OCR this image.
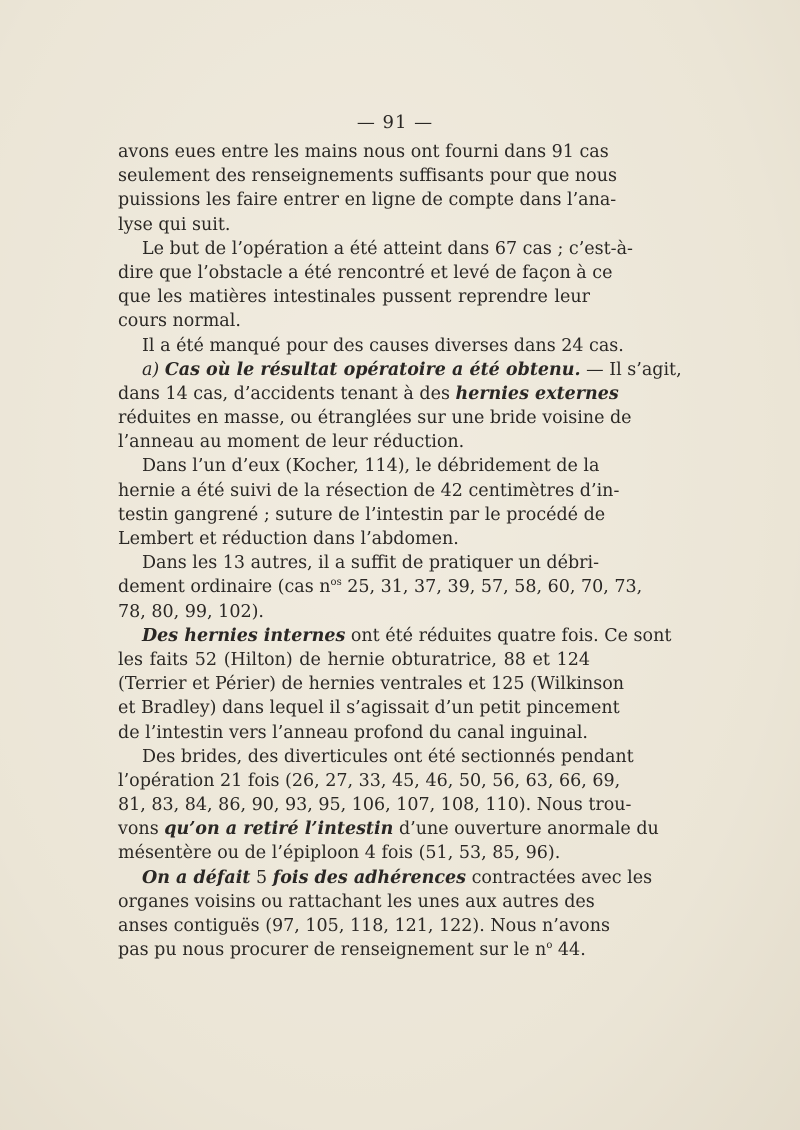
— 91 —
avons eues entre les mains nous ont fourni dans 91 cas
seulement des renseignements suffisants pour que nous
puissions les faire entrer en ligne de compte dans l’ana-
lyse qui suit.
Le but de l’opération a été atteint dans 67 cas ; c’est-à-
dire que l’obstacle a été rencontré et levé de façon à ce
que les matières intestinales pussent reprendre leur
cours normal.
Il a été manqué pour des causes diverses dans 24 cas.
a) Cas où le résultat opératoire a été obtenu. — Il s’agit,
dans 14 cas, d’accidents tenant à des hernies externes
réduites en masse, ou étranglées sur une bride voisine de
l’anneau au moment de leur réduction.
Dans l’un d’eux (Kocher, 114), le débridement de la
hernie a été suivi de la résection de 42 centimètres d’in-
testin gangrené ; suture de l’intestin par le procédé de
Lembert et réduction dans l’abdomen.
Dans les 13 autres, il a suffit de pratiquer un débri-
dement ordinaire (cas $n^{os}$ 25, 31, 37, 39, 57, 58, 60, 70, 73,
78, 80, 99, 102).
Des hernies internes ont été réduites quatre fois. Ce sont
les faits 52 (Hilton) de hernie obturatrice, 88 et 124
(Terrier et Périer) de hernies ventrales et 125 (Wilkinson
et Bradley) dans lequel il s’agissait d’un petit pincement
de l’intestin vers l’anneau profond du canal inguinal.
Des brides, des diverticules ont été sectionnés pendant
l’opération 21 fois (26, 27, 33, 45, 46, 50, 56, 63, 66, 69,
81, 83, 84, 86, 90, 93, 95, 106, 107, 108, 110). Nous trou-
vons qu’on a retiré l’intestin d’une ouverture anormale du
mésentère ou de l’épiploon 4 fois (51, 53, 85, 96).
On a défait 5 fois des adhérences contractées avec les
organes voisins ou rattachant les unes aux autres des
anses contiguës (97, 105, 118, 121, 122). Nous n’avons
pas pu nous procurer de renseignement sur le $n^o$ 44.
